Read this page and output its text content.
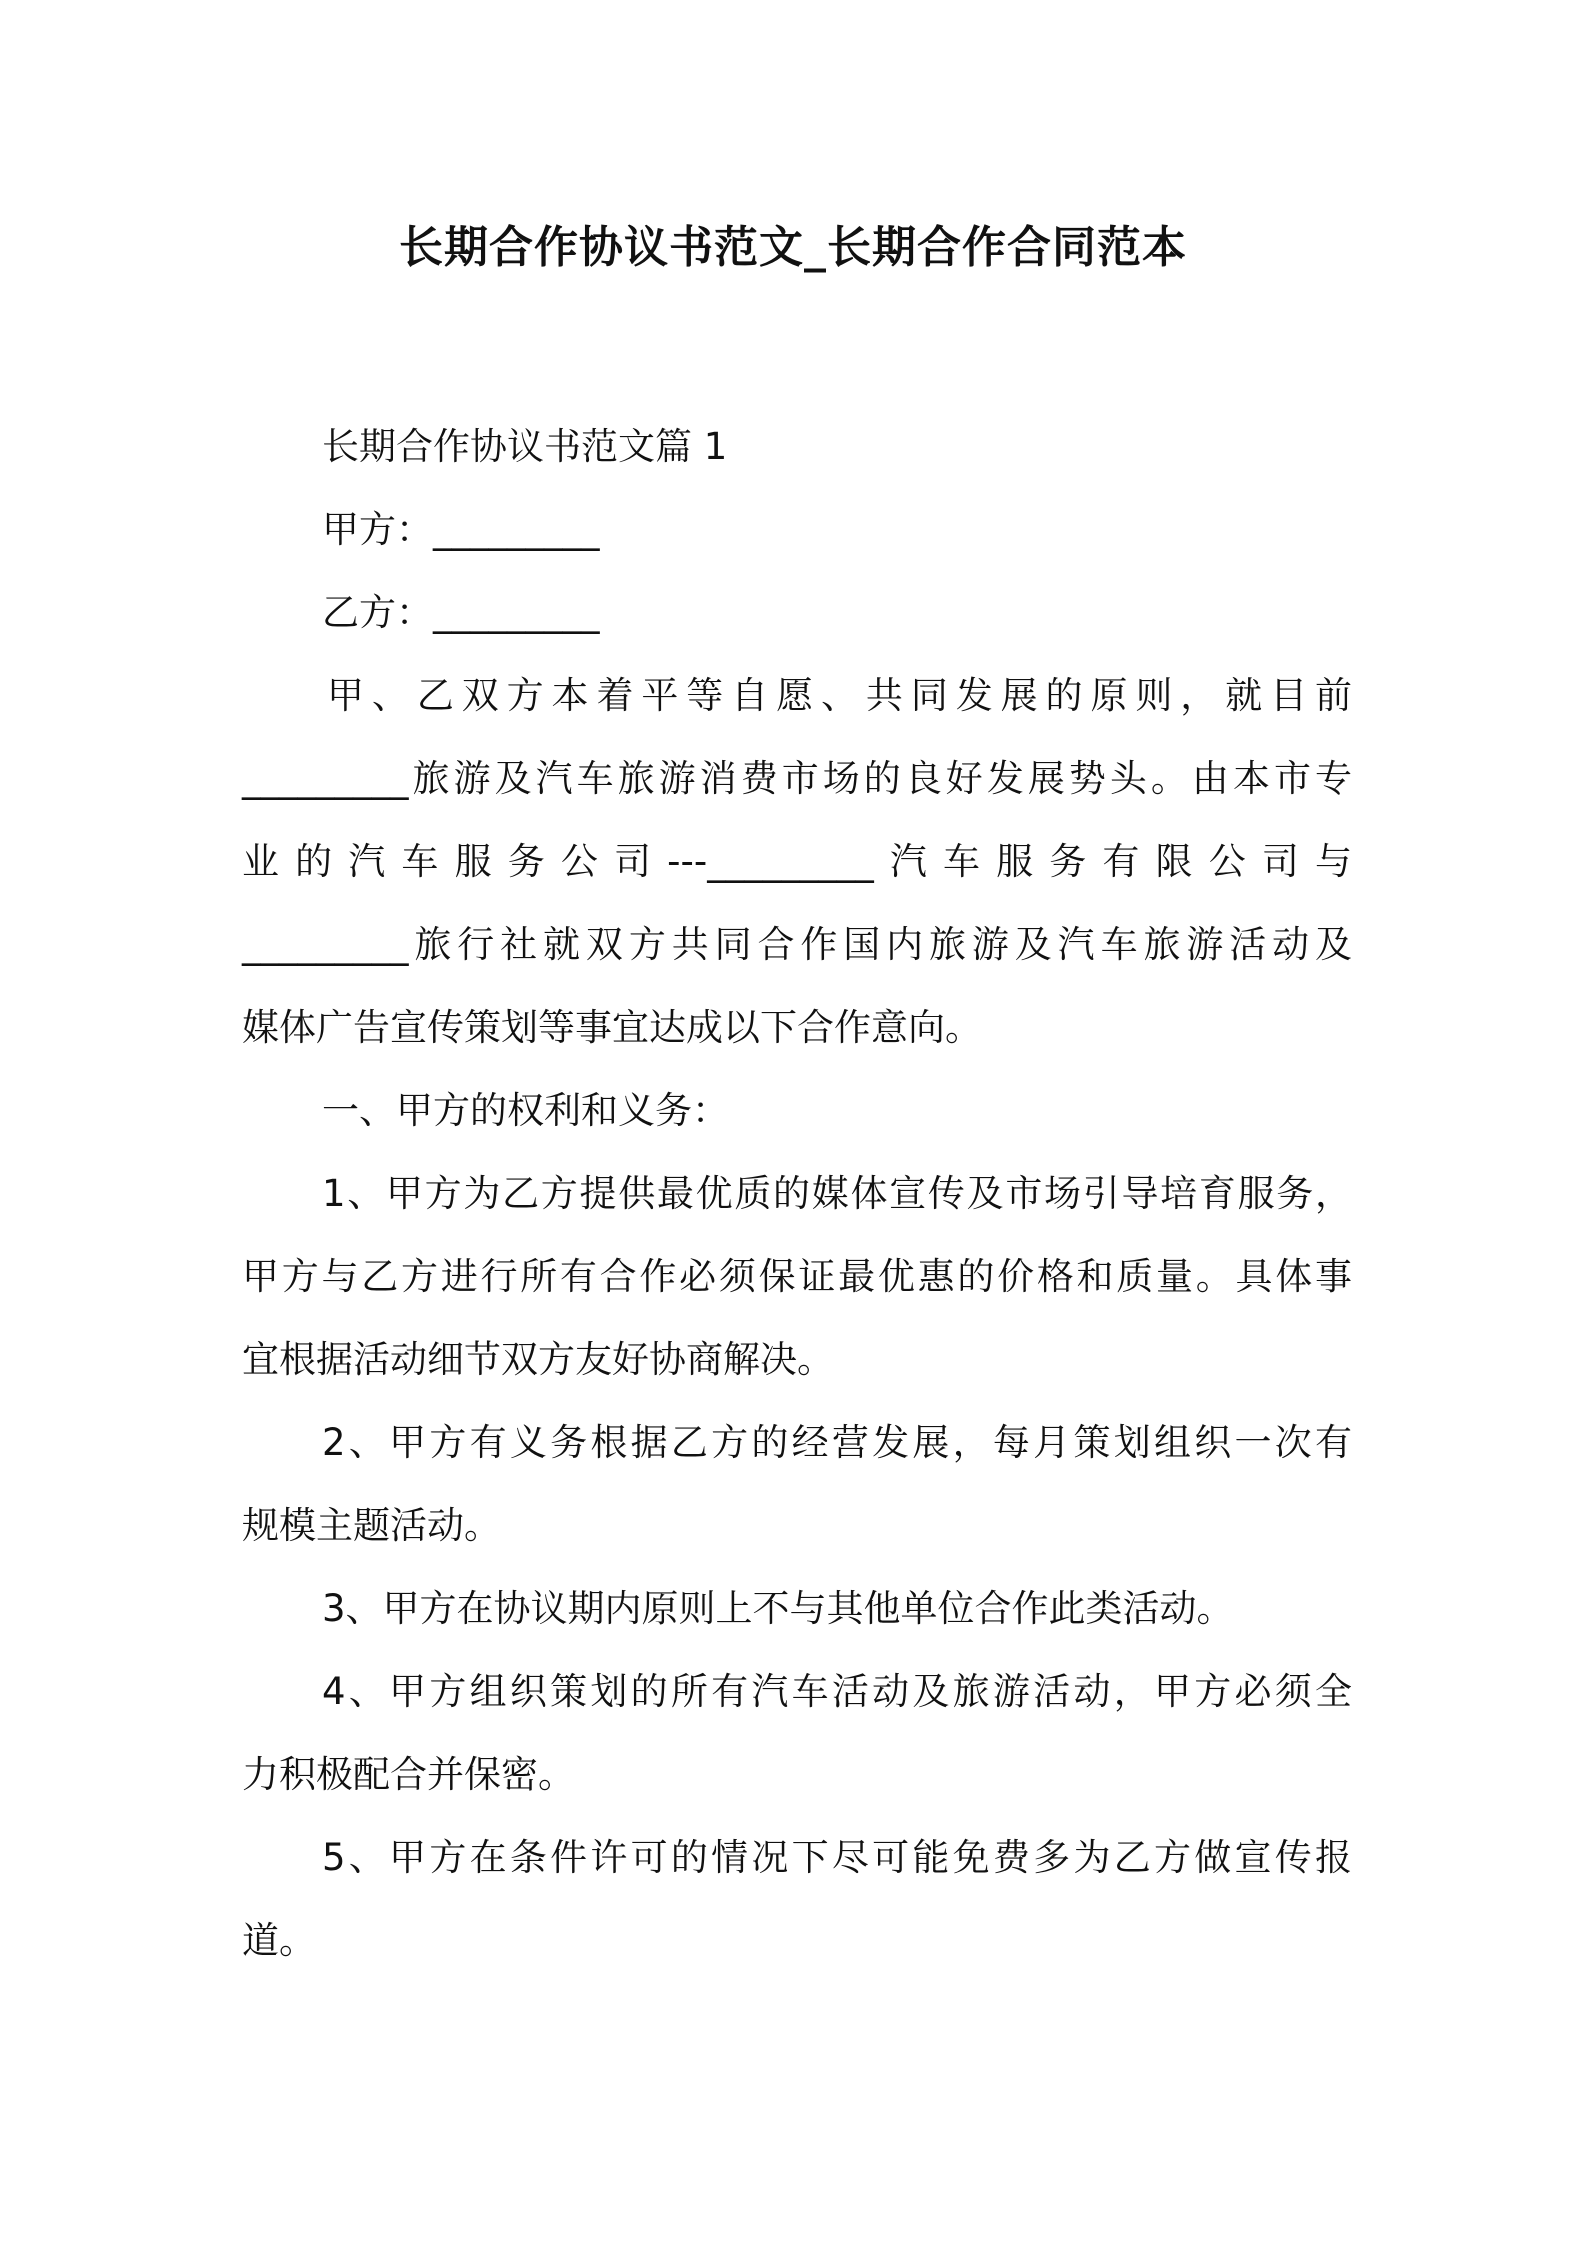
长期合作协议书范文_长期合作合同范本

长期合作协议书范文篇 1

甲方：_________

乙方：_________

甲、乙双方本着平等自愿、共同发展的原则，就目前

_________旅游及汽车旅游消费市场的良好发展势头。由本市专

业的汽车服务公司---_________汽车服务有限公司与

_________旅行社就双方共同合作国内旅游及汽车旅游活动及

媒体广告宣传策划等事宜达成以下合作意向。

一、甲方的权利和义务：

1、甲方为乙方提供最优质的媒体宣传及市场引导培育服务，

甲方与乙方进行所有合作必须保证最优惠的价格和质量。具体事

宜根据活动细节双方友好协商解决。

2、甲方有义务根据乙方的经营发展，每月策划组织一次有

规模主题活动。

3、甲方在协议期内原则上不与其他单位合作此类活动。

4、甲方组织策划的所有汽车活动及旅游活动，甲方必须全

力积极配合并保密。

5、甲方在条件许可的情况下尽可能免费多为乙方做宣传报

道。
